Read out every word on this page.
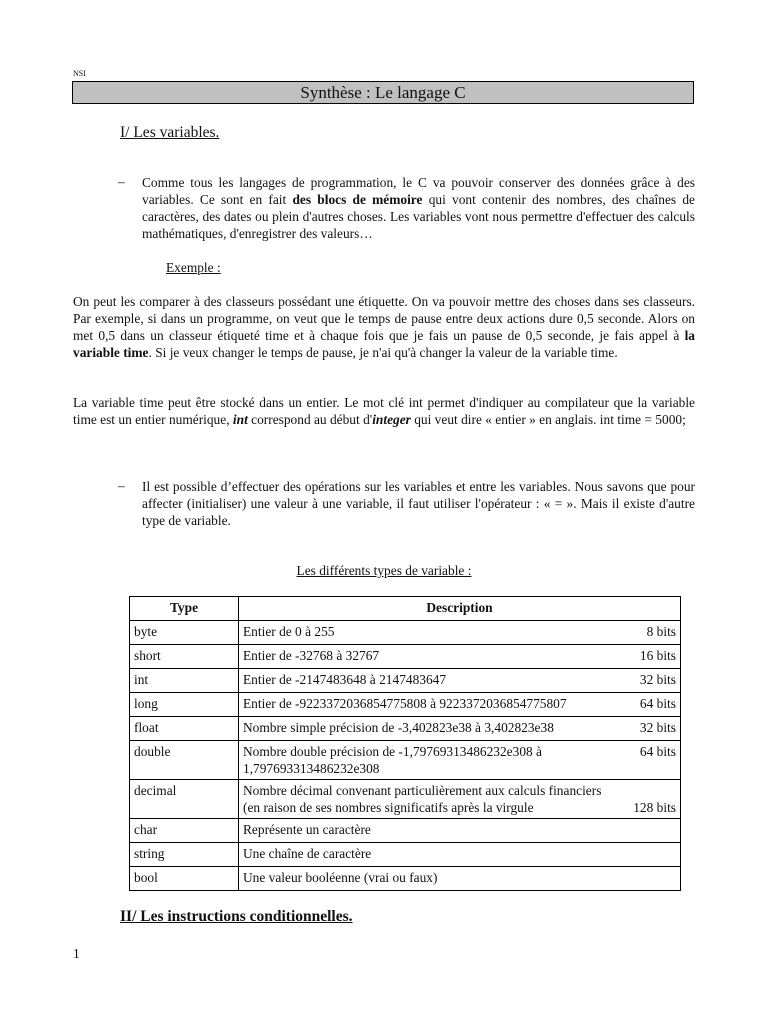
NSI
Synthèse : Le langage C
I/ Les variables.
– Comme tous les langages de programmation, le C va pouvoir conserver des données grâce à des variables. Ce sont en fait des blocs de mémoire qui vont contenir des nombres, des chaînes de caractères, des dates ou plein d'autres choses. Les variables vont nous permettre d'effectuer des calculs mathématiques, d'enregistrer des valeurs…
Exemple :
On peut les comparer à des classeurs possédant une étiquette. On va pouvoir mettre des choses dans ses classeurs. Par exemple, si dans un programme, on veut que le temps de pause entre deux actions dure 0,5 seconde. Alors on met 0,5 dans un classeur étiqueté time et à chaque fois que je fais un pause de 0,5 seconde, je fais appel à la variable time. Si je veux changer le temps de pause, je n'ai qu'à changer la valeur de la variable time.
La variable time peut être stocké dans un entier. Le mot clé int permet d'indiquer au compilateur que la variable time est un entier numérique, int correspond au début d'integer qui veut dire « entier » en anglais. int time = 5000;
– Il est possible d’effectuer des opérations sur les variables et entre les variables. Nous savons que pour affecter (initialiser) une valeur à une variable, il faut utiliser l'opérateur : « = ». Mais il existe d'autre type de variable.
Les différents types de variable :
Type	Description
byte	Entier de 0 à 255 8 bits

short	Entier de -32768 à 32767 16 bits

int	Entier de -2147483648 à 2147483647 32 bits

long	Entier de -9223372036854775808 à 9223372036854775807 64 bits

float	Nombre simple précision de -3,402823e38 à 3,402823e38 32 bits

double	Nombre double précision de -1,79769313486232e308 à 64 bits
1,797693313486232e308

decimal	Nombre décimal convenant particulièrement aux calculs financiers
(en raison de ses nombres significatifs après la virgule 128 bits

char	Représente un caractère
string	Une chaîne de caractère
bool	Une valeur booléenne (vrai ou faux)
II/ Les instructions conditionnelles.
1
